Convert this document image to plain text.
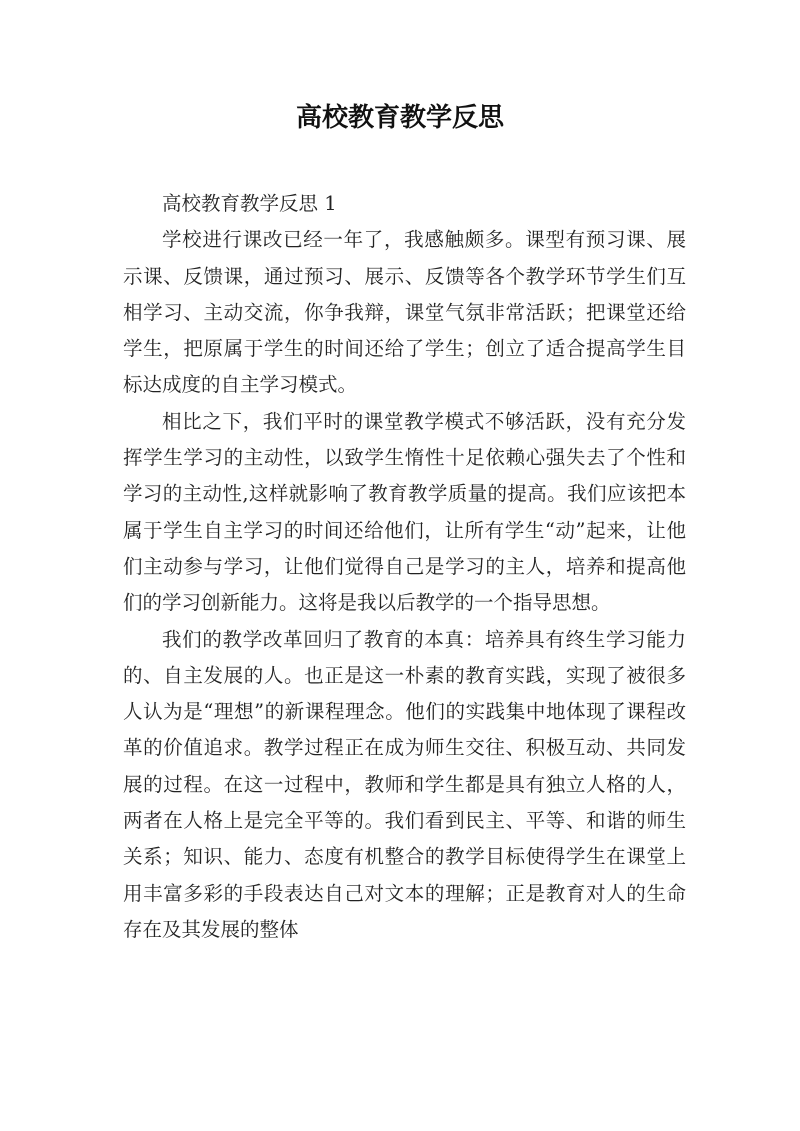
高校教育教学反思

高校教育教学反思 1

学校进行课改已经一年了，我感触颇多。课型有预习课、展示课、反馈课，通过预习、展示、反馈等各个教学环节学生们互相学习、主动交流，你争我辩，课堂气氛非常活跃；把课堂还给学生，把原属于学生的时间还给了学生；创立了适合提高学生目标达成度的自主学习模式。

相比之下，我们平时的课堂教学模式不够活跃，没有充分发挥学生学习的主动性，以致学生惰性十足依赖心强失去了个性和学习的主动性,这样就影响了教育教学质量的提高。我们应该把本属于学生自主学习的时间还给他们，让所有学生“动”起来，让他们主动参与学习，让他们觉得自己是学习的主人，培养和提高他们的学习创新能力。这将是我以后教学的一个指导思想。

我们的教学改革回归了教育的本真：培养具有终生学习能力的、自主发展的人。也正是这一朴素的教育实践，实现了被很多人认为是“理想”的新课程理念。他们的实践集中地体现了课程改革的价值追求。教学过程正在成为师生交往、积极互动、共同发展的过程。在这一过程中，教师和学生都是具有独立人格的人，两者在人格上是完全平等的。我们看到民主、平等、和谐的师生关系；知识、能力、态度有机整合的教学目标使得学生在课堂上用丰富多彩的手段表达自己对文本的理解；正是教育对人的生命存在及其发展的整体
